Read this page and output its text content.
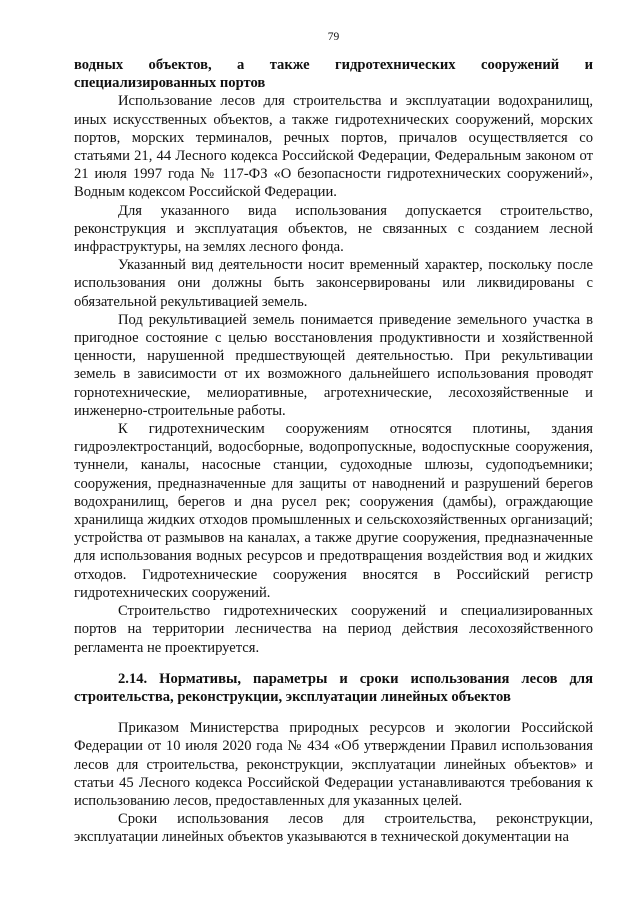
79

водных объектов, а также гидротехнических сооружений и специализированных портов

Использование лесов для строительства и эксплуатации водохранилищ, иных искусственных объектов, а также гидротехнических сооружений, морских портов, морских терминалов, речных портов, причалов осуществляется со статьями 21, 44 Лесного кодекса Российской Федерации, Федеральным законом от 21 июля 1997 года № 117-ФЗ «О безопасности гидротехнических сооружений», Водным кодексом Российской Федерации.

Для указанного вида использования допускается строительство, реконструкция и эксплуатация объектов, не связанных с созданием лесной инфраструктуры, на землях лесного фонда.

Указанный вид деятельности носит временный характер, поскольку после использования они должны быть законсервированы или ликвидированы с обязательной рекультивацией земель.

Под рекультивацией земель понимается приведение земельного участка в пригодное состояние с целью восстановления продуктивности и хозяйственной ценности, нарушенной предшествующей деятельностью. При рекультивации земель в зависимости от их возможного дальнейшего использования проводят горнотехнические, мелиоративные, агротехнические, лесохозяйственные и инженерно-строительные работы.

К гидротехническим сооружениям относятся плотины, здания гидроэлектростанций, водосборные, водопропускные, водоспускные сооружения, туннели, каналы, насосные станции, судоходные шлюзы, судоподъемники; сооружения, предназначенные для защиты от наводнений и разрушений берегов водохранилищ, берегов и дна русел рек; сооружения (дамбы), ограждающие хранилища жидких отходов промышленных и сельскохозяйственных организаций; устройства от размывов на каналах, а также другие сооружения, предназначенные для использования водных ресурсов и предотвращения воздействия вод и жидких отходов. Гидротехнические сооружения вносятся в Российский регистр гидротехнических сооружений.

Строительство гидротехнических сооружений и специализированных портов на территории лесничества на период действия лесохозяйственного регламента не проектируется.

2.14. Нормативы, параметры и сроки использования лесов для строительства, реконструкции, эксплуатации линейных объектов

Приказом Министерства природных ресурсов и экологии Российской Федерации от 10 июля 2020 года № 434 «Об утверждении Правил использования лесов для строительства, реконструкции, эксплуатации линейных объектов» и статьи 45 Лесного кодекса Российской Федерации устанавливаются требования к использованию лесов, предоставленных для указанных целей.

Сроки использования лесов для строительства, реконструкции, эксплуатации линейных объектов указываются в технической документации на
